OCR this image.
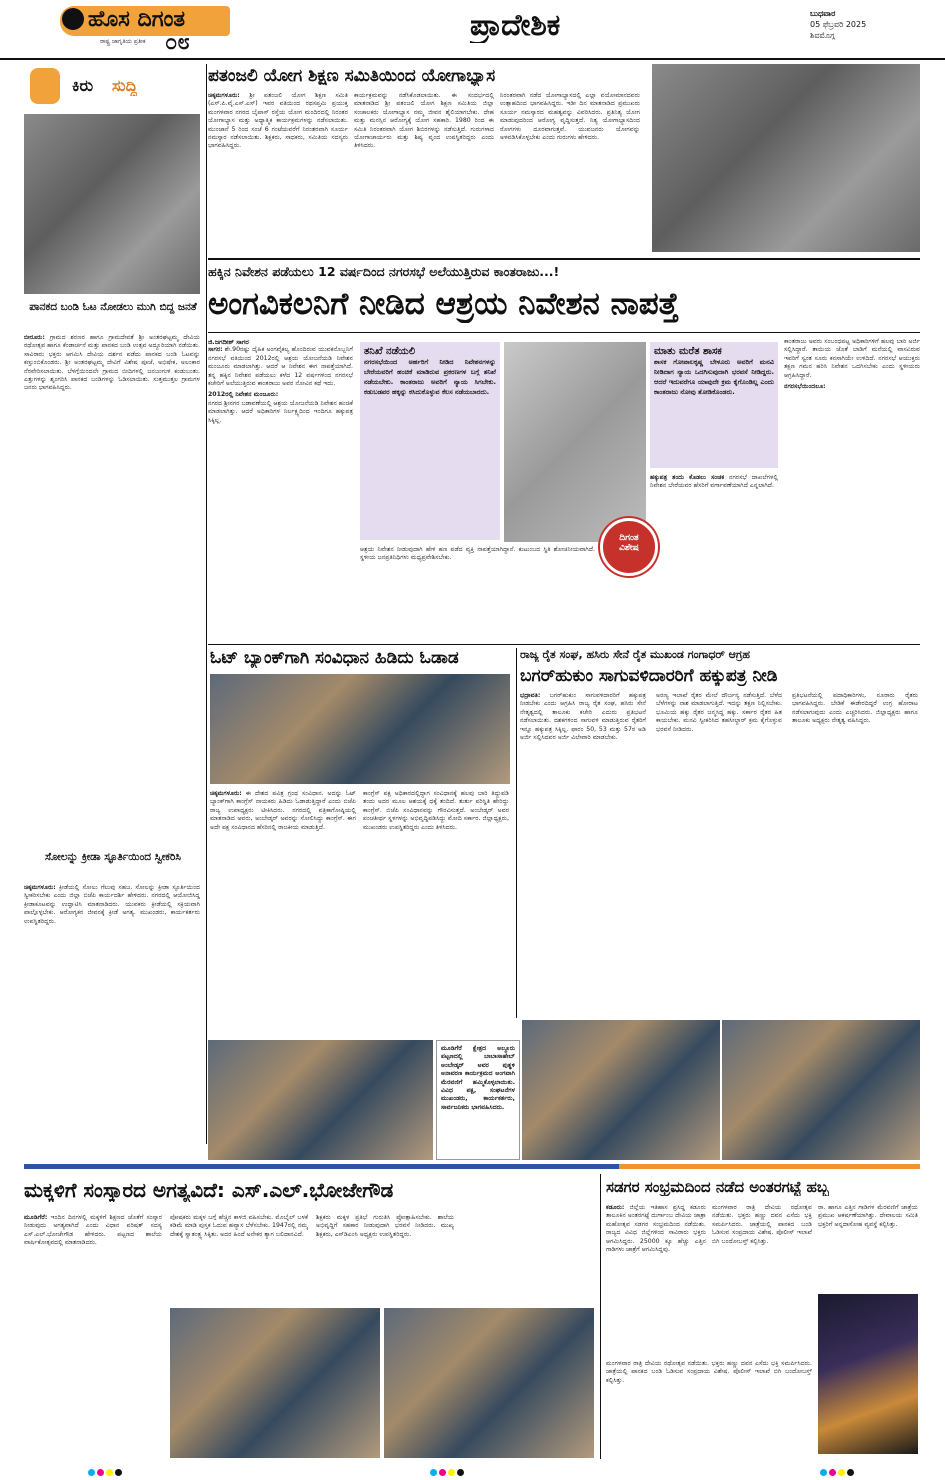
ಹೊಸ ದಿಗಂತ
ರಾಷ್ಟ್ರ ಜಾಗೃತಿಯ ಪ್ರತೀಕ ೦೮	ಪ್ರಾದೇಶಿಕ	ಬುಧವಾರ
05 ಫೆಬ್ರವರಿ 2025
ಶಿವಮೊಗ್ಗ
ಕಿರು ಸುದ್ದಿ
ಪಾನಕದ ಬಂಡಿ ಓಟ ನೋಡಲು ಮುಗಿ ಬಿದ್ದ ಜನತೆ
ಬೀರೂರು: ಗ್ರಾಮದ ಶರಣರ ಹಾಗೂ ಗ್ರಾಮದೇವತೆ ಶ್ರೀ ಅಂತರಘಟ್ಟಮ್ಮ ದೇವಿಯ ರಥೋತ್ಸವ ಹಾಗೂ ಕೆಂಡಾರ್ಚನೆ ಮತ್ತು ಪಾನಕದ ಬಂಡಿ ಉತ್ಸವ ಅದ್ದೂರಿಯಾಗಿ ನಡೆಯಿತು. ಸಾವಿರಾರು ಭಕ್ತರು ಆಗಮಿಸಿ ದೇವಿಯ ದರ್ಶನ ಪಡೆದು ಪಾನಕದ ಬಂಡಿ ಓಟವನ್ನು ಕಣ್ತುಂಬಿಕೊಂಡರು. ಶ್ರೀ ಅಂತರಘಟ್ಟಮ್ಮ ದೇವಿಗೆ ವಿಶೇಷ ಪೂಜೆ, ಅಭಿಷೇಕ, ಅಲಂಕಾರ ನೆರವೇರಿಸಲಾಯಿತು. ಬೆಳಗ್ಗೆಯಿಂದಲೇ ಗ್ರಾಮದ ಬೀದಿಗಳಲ್ಲಿ ಜನಜಂಗುಳಿ ಕಂಡುಬಂತು. ಎತ್ತುಗಳನ್ನು ಶೃಂಗರಿಸಿ ಪಾನಕದ ಬಂಡಿಗಳನ್ನು ಓಡಿಸಲಾಯಿತು. ಸುತ್ತಮುತ್ತಲ ಗ್ರಾಮಗಳ ಜನರು ಭಾಗವಹಿಸಿದ್ದರು.
ಸೋಲನ್ನು ಕ್ರೀಡಾ ಸ್ಫೂರ್ತಿಯಿಂದ ಸ್ವೀಕರಿಸಿ
ಚಿಕ್ಕಮಗಳೂರು: ಕ್ರೀಡೆಯಲ್ಲಿ ಸೋಲು ಗೆಲುವು ಸಹಜ. ಸೋಲನ್ನು ಕ್ರೀಡಾ ಸ್ಫೂರ್ತಿಯಿಂದ ಸ್ವೀಕರಿಸಬೇಕು ಎಂದು ಜಿಲ್ಲಾ ಬಿಜೆಪಿ ಕಾರ್ಯದರ್ಶಿ ಹೇಳಿದರು. ನಗರದಲ್ಲಿ ಆಯೋಜಿಸಿದ್ದ ಕ್ರೀಡಾಕೂಟವನ್ನು ಉದ್ಘಾಟಿಸಿ ಮಾತನಾಡಿದರು. ಯುವಕರು ಕ್ರೀಡೆಯಲ್ಲಿ ಸಕ್ರಿಯವಾಗಿ ಪಾಲ್ಗೊಳ್ಳಬೇಕು. ಆರೋಗ್ಯಕರ ಜೀವನಕ್ಕೆ ಕ್ರೀಡೆ ಅಗತ್ಯ. ಮುಖಂಡರು, ಕಾರ್ಯಕರ್ತರು ಉಪಸ್ಥಿತರಿದ್ದರು.
ಪತಂಜಲಿ ಯೋಗ ಶಿಕ್ಷಣ ಸಮಿತಿಯಿಂದ ಯೋಗಾಭ್ಯಾಸ
ಚಿಕ್ಕಮಗಳೂರು: ಶ್ರೀ ಪತಂಜಲಿ ಯೋಗ ಶಿಕ್ಷಣ ಸಮಿತಿ (ಎಸ್.ಪಿ.ವೈ.ಎಸ್.ಎಸ್) ಇವರ ವತಿಯಿಂದ ರಥಸಪ್ತಮಿ ಪ್ರಯುಕ್ತ ಮಂಗಳವಾರ ನಗರದ ಬೈಪಾಸ್ ರಸ್ತೆಯ ಯೋಗ ಮಂದಿರದಲ್ಲಿ ನಿರಂತರ ಯೋಗಾಭ್ಯಾಸ ಮತ್ತು ಅಧ್ಯಾತ್ಮಿಕ ಕಾರ್ಯಕ್ರಮಗಳನ್ನು ನಡೆಸಲಾಯಿತು. ಮುಂಜಾನೆ 5 ರಿಂದ ಸಂಜೆ 6 ಗಂಟೆಯವರೆಗೆ ನಿರಂತರವಾಗಿ ಸೂರ್ಯ ನಮಸ್ಕಾರ ನಡೆಸಲಾಯಿತು. ಶಿಕ್ಷಕರು, ಸಾಧಕರು, ಸಮಿತಿಯ ಸದಸ್ಯರು ಭಾಗವಹಿಸಿದ್ದರು.
ಕಾರ್ಯಕ್ರಮವನ್ನು ನಡೆಸಿಕೊಡಲಾಯಿತು. ಈ ಸಂದರ್ಭದಲ್ಲಿ ಮಾತನಾಡಿದ ಶ್ರೀ ಪತಂಜಲಿ ಯೋಗ ಶಿಕ್ಷಣ ಸಮಿತಿಯ ಜಿಲ್ಲಾ ಸಂಚಾಲಕರು ಯೋಗಾಭ್ಯಾಸ ನಮ್ಮ ಜೀವನ ಶೈಲಿಯಾಗಬೇಕು. ದೇಹ ಮತ್ತು ಮನಸ್ಸಿನ ಆರೋಗ್ಯಕ್ಕೆ ಯೋಗ ಸಹಕಾರಿ. 1980 ರಿಂದ ಈ ಸಮಿತಿ ನಿರಂತರವಾಗಿ ಯೋಗ ಶಿಬಿರಗಳನ್ನು ನಡೆಸುತ್ತಿದೆ. ಗುರುಗಳಾದ ಯೋಗಾಚಾರ್ಯರು ಮತ್ತು ಶಿಷ್ಯ ವೃಂದ ಉಪಸ್ಥಿತರಿದ್ದರು ಎಂದು ತಿಳಿಸಿದರು.
ನಿರಂತರವಾಗಿ ನಡೆದ ಯೋಗಾಭ್ಯಾಸದಲ್ಲಿ ಎಲ್ಲಾ ವಯೋಮಾನದವರು ಉತ್ಸಾಹದಿಂದ ಭಾಗವಹಿಸಿದ್ದರು. ಇಡೀ ದಿನ ಮಾತನಾಡಿದ ಪ್ರಮುಖರು ಸೂರ್ಯ ನಮಸ್ಕಾರದ ಮಹತ್ವವನ್ನು ವಿವರಿಸಿದರು. ಪ್ರತಿನಿತ್ಯ ಯೋಗ ಮಾಡುವುದರಿಂದ ಆರೋಗ್ಯ ವೃದ್ಧಿಸುತ್ತದೆ. ನಿತ್ಯ ಯೋಗಾಭ್ಯಾಸದಿಂದ ರೋಗಗಳು ದೂರವಾಗುತ್ತವೆ. ಯುವಜನರು ಯೋಗವನ್ನು ಅಳವಡಿಸಿಕೊಳ್ಳಬೇಕು ಎಂದು ಗುರುಗಳು ಹೇಳಿದರು.
ಹಕ್ಕಿನ ನಿವೇಶನ ಪಡೆಯಲು 12 ವರ್ಷದಿಂದ ನಗರಸಭೆ ಅಲೆಯುತ್ತಿರುವ ಕಾಂತರಾಜು...!
ಅಂಗವಿಕಲನಿಗೆ ನೀಡಿದ ಆಶ್ರಯ ನಿವೇಶನ ನಾಪತ್ತೆ
ಜಿ.ಜಗದೀಶ್ ಸಾಗರ
ಸಾಗರ: ಶೇ.90ರಷ್ಟು ದೈಹಿಕ ಅಂಗವೈಕಲ್ಯ ಹೊಂದಿರುವ ಯುವಕನೊಬ್ಬನಿಗೆ ನಗರಸಭೆ ವತಿಯಿಂದ 2012ರಲ್ಲಿ ಆಶ್ರಯ ಯೋಜನೆಯಡಿ ನಿವೇಶನ ಮಂಜೂರು ಮಾಡಲಾಗಿತ್ತು. ಆದರೆ ಆ ನಿವೇಶನ ಈಗ ನಾಪತ್ತೆಯಾಗಿದೆ. ತನ್ನ ಹಕ್ಕಿನ ನಿವೇಶನ ಪಡೆಯಲು ಕಳೆದ 12 ವರ್ಷಗಳಿಂದ ನಗರಸಭೆ ಕಚೇರಿಗೆ ಅಲೆಯುತ್ತಿರುವ ಕಾಂತರಾಜು ಅವರ ನೋವಿನ ಕಥೆ ಇದು.
2012ರಲ್ಲಿ ನಿವೇಶನ ಮಂಜೂರು:
ನಗರದ ಶ್ರೀನಗರ ಬಡಾವಣೆಯಲ್ಲಿ ಆಶ್ರಯ ಯೋಜನೆಯಡಿ ನಿವೇಶನ ಹಂಚಿಕೆ ಮಾಡಲಾಗಿತ್ತು. ಆದರೆ ಅಧಿಕಾರಿಗಳ ನಿರ್ಲಕ್ಷ್ಯದಿಂದ ಇಂದಿಗೂ ಹಕ್ಕುಪತ್ರ ಸಿಕ್ಕಿಲ್ಲ.
ತನಿಖೆ ನಡೆಯಲಿ
ನಗರಸಭೆಯಿಂದ ಅರ್ಹರಿಗೆ ನೀಡಿದ ನಿವೇಶನಗಳನ್ನು ಬೇರೆಯವರಿಗೆ ಹಂಚಿಕೆ ಮಾಡಿರುವ ಪ್ರಕರಣಗಳ ಬಗ್ಗೆ ತನಿಖೆ ನಡೆಯಬೇಕು. ಕಾಂತರಾಜು ಅವರಿಗೆ ನ್ಯಾಯ ಸಿಗಬೇಕು. ಕಡುಬಡವರ ಹಕ್ಕನ್ನು ಕಸಿದುಕೊಳ್ಳುವ ಕೆಲಸ ನಡೆಯಬಾರದು.
ಮಾತು ಮರೆತ ಶಾಸಕ
ಶಾಸಕ ಗೋಪಾಲಕೃಷ್ಣ ಬೇಳೂರು ಅವರಿಗೆ ಮನವಿ ನೀಡಿದಾಗ ನ್ಯಾಯ ಒದಗಿಸುವುದಾಗಿ ಭರವಸೆ ನೀಡಿದ್ದರು. ಆದರೆ ಇದುವರೆಗೂ ಯಾವುದೇ ಕ್ರಮ ಕೈಗೊಂಡಿಲ್ಲ ಎಂದು ಕಾಂತರಾಜು ನೋವು ತೋಡಿಕೊಂಡರು.
ದಿಗಂತ
ವಿಶೇಷ
ಆಶ್ರಯ ನಿವೇಶನ ನೀಡುವುದಾಗಿ ಹೇಳಿ ಹಣ ಪಡೆದ ವ್ಯಕ್ತಿ ನಾಪತ್ತೆಯಾಗಿದ್ದಾನೆ. ಕುಟುಂಬದ ಸ್ಥಿತಿ ಶೋಚನೀಯವಾಗಿದೆ. ಸ್ಥಳೀಯ ಜನಪ್ರತಿನಿಧಿಗಳು ಮಧ್ಯಪ್ರವೇಶಿಸಬೇಕು.
ಹಕ್ಕುಪತ್ರ ತಂದು ಕೊಡಲು ಸಂಚಕ ನಗರಸಭೆ ದಾಖಲೆಗಳಲ್ಲಿ ನಿವೇಶನ ಬೇರೆಯವರ ಹೆಸರಿಗೆ ವರ್ಗಾವಣೆಯಾಗಿದೆ ಎನ್ನಲಾಗಿದೆ.
ಕಾಂತರಾಜು ಅವರು ಸಂಬಂಧಪಟ್ಟ ಅಧಿಕಾರಿಗಳಿಗೆ ಹಲವು ಬಾರಿ ಅರ್ಜಿ ಸಲ್ಲಿಸಿದ್ದಾರೆ. ತಾಯಿಯ ಜೊತೆ ಬಾಡಿಗೆ ಮನೆಯಲ್ಲಿ ವಾಸವಿರುವ ಇವರಿಗೆ ಸ್ವಂತ ಸೂರು ಕನಸಾಗಿಯೇ ಉಳಿದಿದೆ. ನಗರಸಭೆ ಆಯುಕ್ತರು ತಕ್ಷಣ ಗಮನ ಹರಿಸಿ ನಿವೇಶನ ಒದಗಿಸಬೇಕು ಎಂದು ಸ್ಥಳೀಯರು ಆಗ್ರಹಿಸಿದ್ದಾರೆ.
ನಗರಸಭೆಯಿಂದಲೂ:
ಓಟ್ ಬ್ಯಾಂಕ್‌ಗಾಗಿ ಸಂವಿಧಾನ ಹಿಡಿದು ಓಡಾಡ
ಚಿಕ್ಕಮಗಳೂರು: ಈ ದೇಶದ ಪವಿತ್ರ ಗ್ರಂಥ ಸಂವಿಧಾನ. ಅದನ್ನು ಓಟ್ ಬ್ಯಾಂಕ್‌ಗಾಗಿ ಕಾಂಗ್ರೆಸ್ ನಾಯಕರು ಹಿಡಿದು ಓಡಾಡುತ್ತಿದ್ದಾರೆ ಎಂದು ಬಿಜೆಪಿ ರಾಜ್ಯ ಉಪಾಧ್ಯಕ್ಷರು ಟೀಕಿಸಿದರು. ನಗರದಲ್ಲಿ ಪತ್ರಿಕಾಗೋಷ್ಠಿಯಲ್ಲಿ ಮಾತನಾಡಿದ ಅವರು, ಅಂಬೇಡ್ಕರ್ ಅವರನ್ನು ಸೋಲಿಸಿದ್ದು ಕಾಂಗ್ರೆಸ್. ಈಗ ಅದೇ ಪಕ್ಷ ಸಂವಿಧಾನದ ಹೆಸರಿನಲ್ಲಿ ರಾಜಕೀಯ ಮಾಡುತ್ತಿದೆ.
ಕಾಂಗ್ರೆಸ್ ಪಕ್ಷ ಅಧಿಕಾರದಲ್ಲಿದ್ದಾಗ ಸಂವಿಧಾನಕ್ಕೆ ಹಲವು ಬಾರಿ ತಿದ್ದುಪಡಿ ತಂದು ಅದರ ಮೂಲ ಆಶಯಕ್ಕೆ ಧಕ್ಕೆ ತಂದಿದೆ. ತುರ್ತು ಪರಿಸ್ಥಿತಿ ಹೇರಿದ್ದು ಕಾಂಗ್ರೆಸ್. ಬಿಜೆಪಿ ಸಂವಿಧಾನವನ್ನು ಗೌರವಿಸುತ್ತದೆ. ಅಂಬೇಡ್ಕರ್ ಅವರ ಪಂಚತೀರ್ಥ ಸ್ಥಳಗಳನ್ನು ಅಭಿವೃದ್ಧಿಪಡಿಸಿದ್ದು ಮೋದಿ ಸರ್ಕಾರ. ಜಿಲ್ಲಾಧ್ಯಕ್ಷರು, ಮುಖಂಡರು ಉಪಸ್ಥಿತರಿದ್ದರು ಎಂದು ತಿಳಿಸಿದರು.
ರಾಜ್ಯ ರೈತ ಸಂಘ, ಹಸಿರು ಸೇನೆ ರೈತ ಮುಖಂಡ ಗಂಗಾಧರ್ ಆಗ್ರಹ
ಬಗರ್‌ಹುಕುಂ ಸಾಗುವಳಿದಾರರಿಗೆ ಹಕ್ಕುಪತ್ರ ನೀಡಿ
ಭದ್ರಾವತಿ: ಬಗರ್‌ಹುಕುಂ ಸಾಗುವಳಿದಾರರಿಗೆ ಹಕ್ಕುಪತ್ರ ನೀಡಬೇಕು ಎಂದು ಆಗ್ರಹಿಸಿ ರಾಜ್ಯ ರೈತ ಸಂಘ, ಹಸಿರು ಸೇನೆ ನೇತೃತ್ವದಲ್ಲಿ ತಾಲೂಕು ಕಚೇರಿ ಎದುರು ಪ್ರತಿಭಟನೆ ನಡೆಸಲಾಯಿತು. ದಶಕಗಳಿಂದ ಸಾಗುವಳಿ ಮಾಡುತ್ತಿರುವ ರೈತರಿಗೆ ಇನ್ನೂ ಹಕ್ಕುಪತ್ರ ಸಿಕ್ಕಿಲ್ಲ. ಫಾರಂ 50, 53 ಮತ್ತು 57ರ ಅಡಿ ಅರ್ಜಿ ಸಲ್ಲಿಸಿದವರ ಅರ್ಜಿ ವಿಲೇವಾರಿ ಮಾಡಬೇಕು.
ಅರಣ್ಯ ಇಲಾಖೆ ರೈತರ ಮೇಲೆ ದೌರ್ಜನ್ಯ ನಡೆಸುತ್ತಿದೆ. ಬೆಳೆದ ಬೆಳೆಗಳನ್ನು ನಾಶ ಮಾಡಲಾಗುತ್ತಿದೆ. ಇದನ್ನು ತಕ್ಷಣ ನಿಲ್ಲಿಸಬೇಕು. ಭೂಮಿಯ ಹಕ್ಕು ರೈತರ ಜನ್ಮಸಿದ್ಧ ಹಕ್ಕು. ಸರ್ಕಾರ ರೈತರ ಹಿತ ಕಾಯಬೇಕು. ಮನವಿ ಸ್ವೀಕರಿಸಿದ ತಹಸೀಲ್ದಾರ್ ಕ್ರಮ ಕೈಗೊಳ್ಳುವ ಭರವಸೆ ನೀಡಿದರು.
ಪ್ರತಿಭಟನೆಯಲ್ಲಿ ಪದಾಧಿಕಾರಿಗಳು, ನೂರಾರು ರೈತರು ಭಾಗವಹಿಸಿದ್ದರು. ಬೇಡಿಕೆ ಈಡೇರದಿದ್ದರೆ ಉಗ್ರ ಹೋರಾಟ ನಡೆಸಲಾಗುವುದು ಎಂದು ಎಚ್ಚರಿಸಿದರು. ಜಿಲ್ಲಾಧ್ಯಕ್ಷರು ಹಾಗೂ ತಾಲೂಕು ಅಧ್ಯಕ್ಷರು ನೇತೃತ್ವ ವಹಿಸಿದ್ದರು.
ಮೂಡಿಗೆರೆ ಕ್ಷೇತ್ರದ ಅಲ್ದೂರು ಪಟ್ಟಣದಲ್ಲಿ ಬಾಬಾಸಾಹೇಬ್ ಅಂಬೇಡ್ಕರ್ ಅವರ ಪುತ್ಥಳಿ ಅನಾವರಣ ಕಾರ್ಯಕ್ರಮದ ಅಂಗವಾಗಿ ಮೆರವಣಿಗೆ ಹಮ್ಮಿಕೊಳ್ಳಲಾಯಿತು. ವಿವಿಧ ಪಕ್ಷ, ಸಂಘಟನೆಗಳ ಮುಖಂಡರು, ಕಾರ್ಯಕರ್ತರು, ಸಾರ್ವಜನಿಕರು ಭಾಗವಹಿಸಿದರು.
ಮಕ್ಕಳಿಗೆ ಸಂಸ್ಕಾರದ ಅಗತ್ಯವಿದೆ: ಎಸ್.ಎಲ್.ಭೋಜೇಗೌಡ
ಮೂಡಿಗೆರೆ: ಇಂದಿನ ದಿನಗಳಲ್ಲಿ ಮಕ್ಕಳಿಗೆ ಶಿಕ್ಷಣದ ಜೊತೆಗೆ ಸಂಸ್ಕಾರ ನೀಡುವುದು ಅಗತ್ಯವಾಗಿದೆ ಎಂದು ವಿಧಾನ ಪರಿಷತ್ ಸದಸ್ಯ ಎಸ್.ಎಲ್.ಭೋಜೇಗೌಡ ಹೇಳಿದರು. ಪಟ್ಟಣದ ಶಾಲೆಯ ವಾರ್ಷಿಕೋತ್ಸವದಲ್ಲಿ ಮಾತನಾಡಿದರು.
ಪೋಷಕರು ಮಕ್ಕಳ ಬಗ್ಗೆ ಹೆಚ್ಚಿನ ಕಾಳಜಿ ವಹಿಸಬೇಕು. ಮೊಬೈಲ್ ಬಳಕೆ ಕಡಿಮೆ ಮಾಡಿ ಪುಸ್ತಕ ಓದುವ ಹವ್ಯಾಸ ಬೆಳೆಸಬೇಕು. 1947ರಲ್ಲಿ ನಮ್ಮ ದೇಶಕ್ಕೆ ಸ್ವಾತಂತ್ರ್ಯ ಸಿಕ್ಕಿತು. ಅದರ ಹಿಂದೆ ಅನೇಕರ ತ್ಯಾಗ ಬಲಿದಾನವಿದೆ.
ಶಿಕ್ಷಕರು ಮಕ್ಕಳ ಪ್ರತಿಭೆ ಗುರುತಿಸಿ ಪ್ರೋತ್ಸಾಹಿಸಬೇಕು. ಶಾಲೆಯ ಅಭಿವೃದ್ಧಿಗೆ ಸಹಕಾರ ನೀಡುವುದಾಗಿ ಭರವಸೆ ನೀಡಿದರು. ಮುಖ್ಯ ಶಿಕ್ಷಕರು, ಎಸ್‌ಡಿಎಂಸಿ ಅಧ್ಯಕ್ಷರು ಉಪಸ್ಥಿತರಿದ್ದರು.
ಸಡಗರ ಸಂಭ್ರಮದಿಂದ ನಡೆದ ಅಂತರಗಟ್ಟೆ ಹಬ್ಬ
ಕಡೂರು: ಜಿಲ್ಲೆಯ ಇತಿಹಾಸ ಪ್ರಸಿದ್ಧ ಕಡೂರು ತಾಲೂಕಿನ ಅಂತರಗಟ್ಟೆ ದುರ್ಗಾಂಬ ದೇವಿಯ ಜಾತ್ರಾ ಮಹೋತ್ಸವ ಸಡಗರ ಸಂಭ್ರಮದಿಂದ ನಡೆಯಿತು. ರಾಜ್ಯದ ವಿವಿಧ ಜಿಲ್ಲೆಗಳಿಂದ ಸಾವಿರಾರು ಭಕ್ತರು ಆಗಮಿಸಿದ್ದರು. 25000 ಕ್ಕೂ ಹೆಚ್ಚು ಎತ್ತಿನ ಗಾಡಿಗಳು ಜಾತ್ರೆಗೆ ಆಗಮಿಸಿದ್ದವು.
ಮಂಗಳವಾರ ರಾತ್ರಿ ದೇವಿಯ ರಥೋತ್ಸವ ನಡೆಯಿತು. ಭಕ್ತರು ಹಣ್ಣು ದವನ ಎಸೆದು ಭಕ್ತಿ ಸಮರ್ಪಿಸಿದರು. ಜಾತ್ರೆಯಲ್ಲಿ ಪಾನಕದ ಬಂಡಿ ಓಡಿಸುವ ಸಂಪ್ರದಾಯ ವಿಶೇಷ. ಪೊಲೀಸ್ ಇಲಾಖೆ ಬಿಗಿ ಬಂದೋಬಸ್ತ್ ಕಲ್ಪಿಸಿತ್ತು.
ರಾ. ಹಾಗೂ ಎತ್ತಿನ ಗಾಡಿಗಳ ಮೆರವಣಿಗೆ ಜಾತ್ರೆಯ ಪ್ರಮುಖ ಆಕರ್ಷಣೆಯಾಗಿತ್ತು. ದೇವಾಲಯ ಸಮಿತಿ ಭಕ್ತರಿಗೆ ಅನ್ನದಾಸೋಹ ವ್ಯವಸ್ಥೆ ಕಲ್ಪಿಸಿತ್ತು.
ಮಂಗಳವಾರ ರಾತ್ರಿ ದೇವಿಯ ರಥೋತ್ಸವ ನಡೆಯಿತು. ಭಕ್ತರು ಹಣ್ಣು ದವನ ಎಸೆದು ಭಕ್ತಿ ಸಮರ್ಪಿಸಿದರು. ಜಾತ್ರೆಯಲ್ಲಿ ಪಾನಕದ ಬಂಡಿ ಓಡಿಸುವ ಸಂಪ್ರದಾಯ ವಿಶೇಷ. ಪೊಲೀಸ್ ಇಲಾಖೆ ಬಿಗಿ ಬಂದೋಬಸ್ತ್ ಕಲ್ಪಿಸಿತ್ತು.
